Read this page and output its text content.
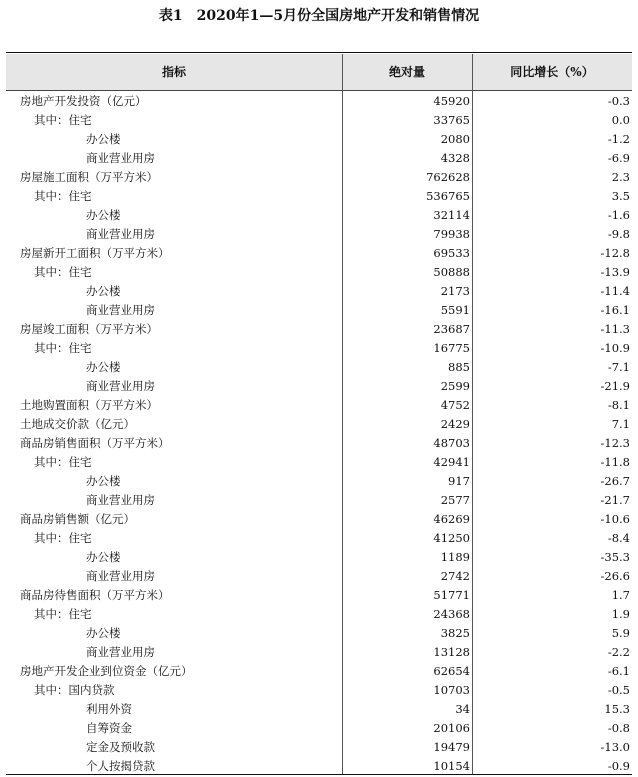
表1　2020年1—5月份全国房地产开发和销售情况
指标	绝对量	同比增长（%）
房地产开发投资（亿元）	45920	-0.3
其中：住宅	33765	0.0
办公楼	2080	-1.2
商业营业用房	4328	-6.9
房屋施工面积（万平方米）	762628	2.3
其中：住宅	536765	3.5
办公楼	32114	-1.6
商业营业用房	79938	-9.8
房屋新开工面积（万平方米）	69533	-12.8
其中：住宅	50888	-13.9
办公楼	2173	-11.4
商业营业用房	5591	-16.1
房屋竣工面积（万平方米）	23687	-11.3
其中：住宅	16775	-10.9
办公楼	885	-7.1
商业营业用房	2599	-21.9
土地购置面积（万平方米）	4752	-8.1
土地成交价款（亿元）	2429	7.1
商品房销售面积（万平方米）	48703	-12.3
其中：住宅	42941	-11.8
办公楼	917	-26.7
商业营业用房	2577	-21.7
商品房销售额（亿元）	46269	-10.6
其中：住宅	41250	-8.4
办公楼	1189	-35.3
商业营业用房	2742	-26.6
商品房待售面积（万平方米）	51771	1.7
其中：住宅	24368	1.9
办公楼	3825	5.9
商业营业用房	13128	-2.2
房地产开发企业到位资金（亿元）	62654	-6.1
其中：国内贷款	10703	-0.5
利用外资	34	15.3
自筹资金	20106	-0.8
定金及预收款	19479	-13.0
个人按揭贷款	10154	-0.9
